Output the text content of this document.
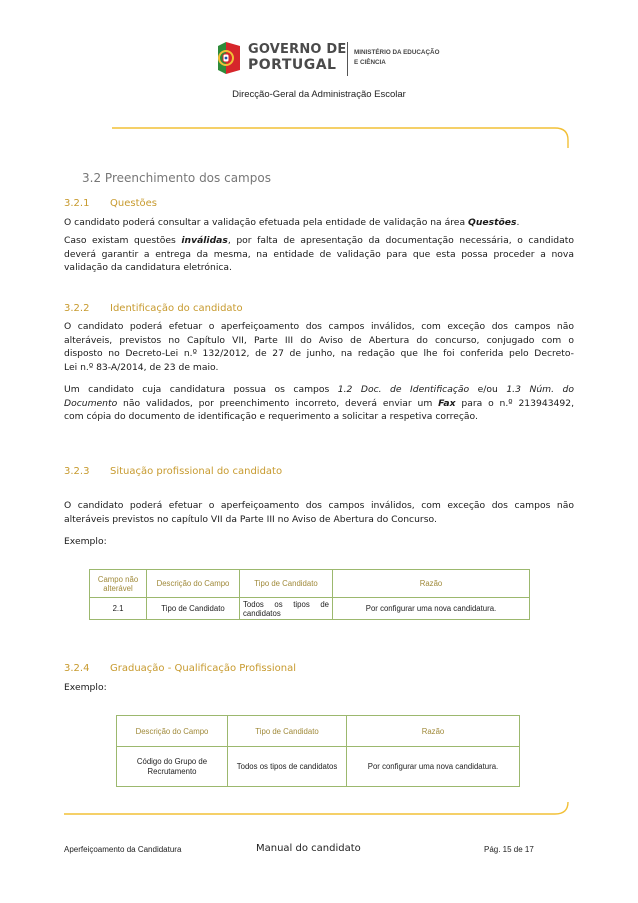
GOVERNO DE
PORTUGAL
MINISTÉRIO DA EDUCAÇÃO
E CIÊNCIA
Direcção-Geral da Administração Escolar
3.2 Preenchimento dos campos
3.2.1 Questões
O candidato poderá consultar a validação efetuada pela entidade de validação na área Questões.
Caso existam questões inválidas, por falta de apresentação da documentação necessária, o candidato
deverá garantir a entrega da mesma, na entidade de validação para que esta possa proceder a nova
validação da candidatura eletrónica.
3.2.2 Identificação do candidato
O candidato poderá efetuar o aperfeiçoamento dos campos inválidos, com exceção dos campos não
alteráveis, previstos no Capítulo VII, Parte III do Aviso de Abertura do concurso, conjugado com o
disposto no Decreto-Lei n.º 132/2012, de 27 de junho, na redação que lhe foi conferida pelo Decreto-
Lei n.º 83-A/2014, de 23 de maio.
Um candidato cuja candidatura possua os campos 1.2 Doc. de Identificação e/ou 1.3 Núm. do
Documento não validados, por preenchimento incorreto, deverá enviar um Fax para o n.º 213943492,
com cópia do documento de identificação e requerimento a solicitar a respetiva correção.
3.2.3 Situação profissional do candidato
O candidato poderá efetuar o aperfeiçoamento dos campos inválidos, com exceção dos campos não
alteráveis previstos no capítulo VII da Parte III no Aviso de Abertura do Concurso.
Exemplo:
Campo não alterável	Descrição do Campo	Tipo de Candidato	Razão
2.1	Tipo de Candidato	Todos os tipos de candidatos	Por configurar uma nova candidatura.
3.2.4 Graduação - Qualificação Profissional
Exemplo:
Descrição do Campo	Tipo de Candidato	Razão
Código do Grupo de Recrutamento	Todos os tipos de candidatos	Por configurar uma nova candidatura.
Aperfeiçoamento da Candidatura	Manual do candidato	Pág. 15 de 17
